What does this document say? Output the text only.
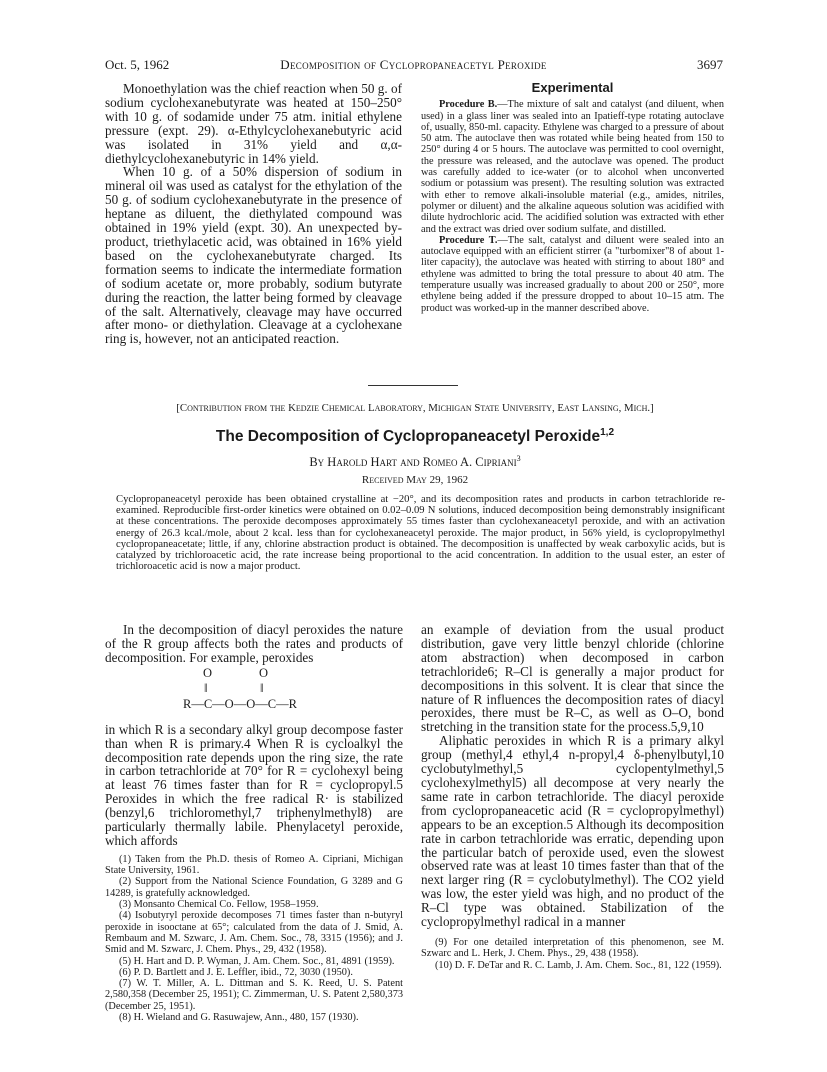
Oct. 5, 1962	Decomposition of Cyclopropaneacetyl Peroxide	3697

Monoethylation was the chief reaction when 50 g. of sodium cyclohexanebutyrate was heated at 150–250° with 10 g. of sodamide under 75 atm. initial ethylene pressure (expt. 29). α-Ethylcyclohexanebutyric acid was isolated in 31% yield and α,α-diethylcyclohexanebutyric in 14% yield.

When 10 g. of a 50% dispersion of sodium in mineral oil was used as catalyst for the ethylation of the 50 g. of sodium cyclohexanebutyrate in the presence of heptane as diluent, the diethylated compound was obtained in 19% yield (expt. 30). An unexpected by-product, triethylacetic acid, was obtained in 16% yield based on the cyclohexanebutyrate charged. Its formation seems to indicate the intermediate formation of sodium acetate or, more probably, sodium butyrate during the reaction, the latter being formed by cleavage of the salt. Alternatively, cleavage may have occurred after mono- or diethylation. Cleavage at a cyclohexane ring is, however, not an anticipated reaction.

Experimental

Procedure B.—The mixture of salt and catalyst (and diluent, when used) in a glass liner was sealed into an Ipatieff-type rotating autoclave of, usually, 850-ml. capacity. Ethylene was charged to a pressure of about 50 atm. The autoclave then was rotated while being heated from 150 to 250° during 4 or 5 hours. The autoclave was permitted to cool overnight, the pressure was released, and the autoclave was opened. The product was carefully added to ice-water (or to alcohol when unconverted sodium or potassium was present). The resulting solution was extracted with ether to remove alkali-insoluble material (e.g., amides, nitriles, polymer or diluent) and the alkaline aqueous solution was acidified with dilute hydrochloric acid. The acidified solution was extracted with ether and the extract was dried over sodium sulfate, and distilled.

Procedure T.—The salt, catalyst and diluent were sealed into an autoclave equipped with an efficient stirrer (a "turbomixer"8 of about 1-liter capacity), the autoclave was heated with stirring to about 180° and ethylene was admitted to bring the total pressure to about 40 atm. The temperature usually was increased gradually to about 200 or 250°, more ethylene being added if the pressure dropped to about 10–15 atm. The product was worked-up in the manner described above.

[Contribution from the Kedzie Chemical Laboratory, Michigan State University, East Lansing, Mich.]
The Decomposition of Cyclopropaneacetyl Peroxide$^{1,2}$
By Harold Hart and Romeo A. Cipriani$^3$
Received May 29, 1962
Cyclopropaneacetyl peroxide has been obtained crystalline at −20°, and its decomposition rates and products in carbon tetrachloride re-examined. Reproducible first-order kinetics were obtained on 0.02–0.09 N solutions, induced decomposition being demonstrably insignificant at these concentrations. The peroxide decomposes approximately 55 times faster than cyclohexaneacetyl peroxide, and with an activation energy of 26.3 kcal./mole, about 2 kcal. less than for cyclohexaneacetyl peroxide. The major product, in 56% yield, is cyclopropylmethyl cyclopropaneacetate; little, if any, chlorine abstraction product is obtained. The decomposition is unaffected by weak carboxylic acids, but is catalyzed by trichloroacetic acid, the rate increase being proportional to the acid concentration. In addition to the usual ester, an ester of trichloroacetic acid is now a major product.

In the decomposition of diacyl peroxides the nature of the R group affects both the rates and products of decomposition. For example, peroxides

O	O
‖	‖
R—C—O—O—C—R

in which R is a secondary alkyl group decompose faster than when R is primary.4 When R is cycloalkyl the decomposition rate depends upon the ring size, the rate in carbon tetrachloride at 70° for R = cyclohexyl being at least 76 times faster than for R = cyclopropyl.5 Peroxides in which the free radical R· is stabilized (benzyl,6 trichloromethyl,7 triphenylmethyl8) are particularly thermally labile. Phenylacetyl peroxide, which affords

(1) Taken from the Ph.D. thesis of Romeo A. Cipriani, Michigan State University, 1961.

(2) Support from the National Science Foundation, G 3289 and G 14289, is gratefully acknowledged.

(3) Monsanto Chemical Co. Fellow, 1958–1959.

(4) Isobutyryl peroxide decomposes 71 times faster than n-butyryl peroxide in isooctane at 65°; calculated from the data of J. Smid, A. Rembaum and M. Szwarc, J. Am. Chem. Soc., 78, 3315 (1956); and J. Smid and M. Szwarc, J. Chem. Phys., 29, 432 (1958).

(5) H. Hart and D. P. Wyman, J. Am. Chem. Soc., 81, 4891 (1959).

(6) P. D. Bartlett and J. E. Leffler, ibid., 72, 3030 (1950).

(7) W. T. Miller, A. L. Dittman and S. K. Reed, U. S. Patent 2,580,358 (December 25, 1951); C. Zimmerman, U. S. Patent 2,580,373 (December 25, 1951).

(8) H. Wieland and G. Rasuwajew, Ann., 480, 157 (1930).

an example of deviation from the usual product distribution, gave very little benzyl chloride (chlorine atom abstraction) when decomposed in carbon tetrachloride6; R–Cl is generally a major product for decompositions in this solvent. It is clear that since the nature of R influences the decomposition rates of diacyl peroxides, there must be R–C, as well as O–O, bond stretching in the transition state for the process.5,9,10

Aliphatic peroxides in which R is a primary alkyl group (methyl,4 ethyl,4 n-propyl,4 δ-phenylbutyl,10 cyclobutylmethyl,5 cyclopentylmethyl,5 cyclohexylmethyl5) all decompose at very nearly the same rate in carbon tetrachloride. The diacyl peroxide from cyclopropaneacetic acid (R = cyclopropylmethyl) appears to be an exception.5 Although its decomposition rate in carbon tetrachloride was erratic, depending upon the particular batch of peroxide used, even the slowest observed rate was at least 10 times faster than that of the next larger ring (R = cyclobutylmethyl). The CO2 yield was low, the ester yield was high, and no product of the R–Cl type was obtained. Stabilization of the cyclopropylmethyl radical in a manner

(9) For one detailed interpretation of this phenomenon, see M. Szwarc and L. Herk, J. Chem. Phys., 29, 438 (1958).

(10) D. F. DeTar and R. C. Lamb, J. Am. Chem. Soc., 81, 122 (1959).
